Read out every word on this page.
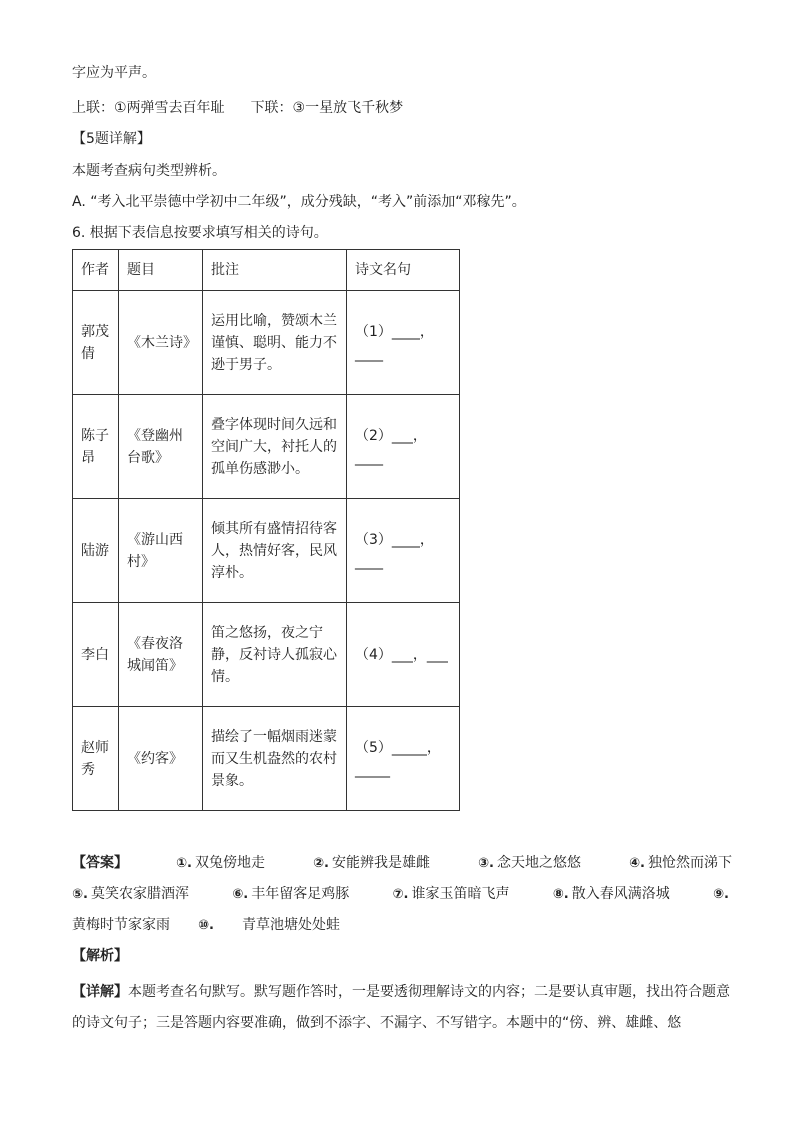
字应为平声。
上联：①两弹雪去百年耻 下联：③一星放飞千秋梦
【5题详解】
本题考查病句类型辨析。
A. “考入北平崇德中学初中二年级”，成分残缺，“考入”前添加“邓稼先”。
6. 根据下表信息按要求填写相关的诗句。
作者	题目	批注	诗文名句
郭茂倩	《木兰诗》	运用比喻，赞颂木兰谨慎、聪明、能力不逊于男子。	（1）____，____
陈子昂	《登幽州台歌》	叠字体现时间久远和空间广大，衬托人的孤单伤感渺小。	（2）___，____
陆游	《游山西村》	倾其所有盛情招待客人，热情好客，民风淳朴。	（3）____，____
李白	《春夜洛城闻笛》	笛之悠扬，夜之宁静，反衬诗人孤寂心情。	（4）___，___
赵师秀	《约客》	描绘了一幅烟雨迷蒙而又生机盎然的农村景象。	（5）_____，_____
【答案】	①. 双兔傍地走	②. 安能辨我是雄雌	③. 念天地之悠悠	④. 独怆然而涕下
⑤. 莫笑农家腊酒浑	⑥. 丰年留客足鸡豚	⑦. 谁家玉笛暗飞声	⑧. 散入春风满洛城	⑨.
黄梅时节家家雨 ⑩. 青草池塘处处蛙
【解析】
【详解】本题考查名句默写。默写题作答时，一是要透彻理解诗文的内容；二是要认真审题，找出符合题意的诗文句子；三是答题内容要准确，做到不添字、不漏字、不写错字。本题中的“傍、辨、雄雌、悠
